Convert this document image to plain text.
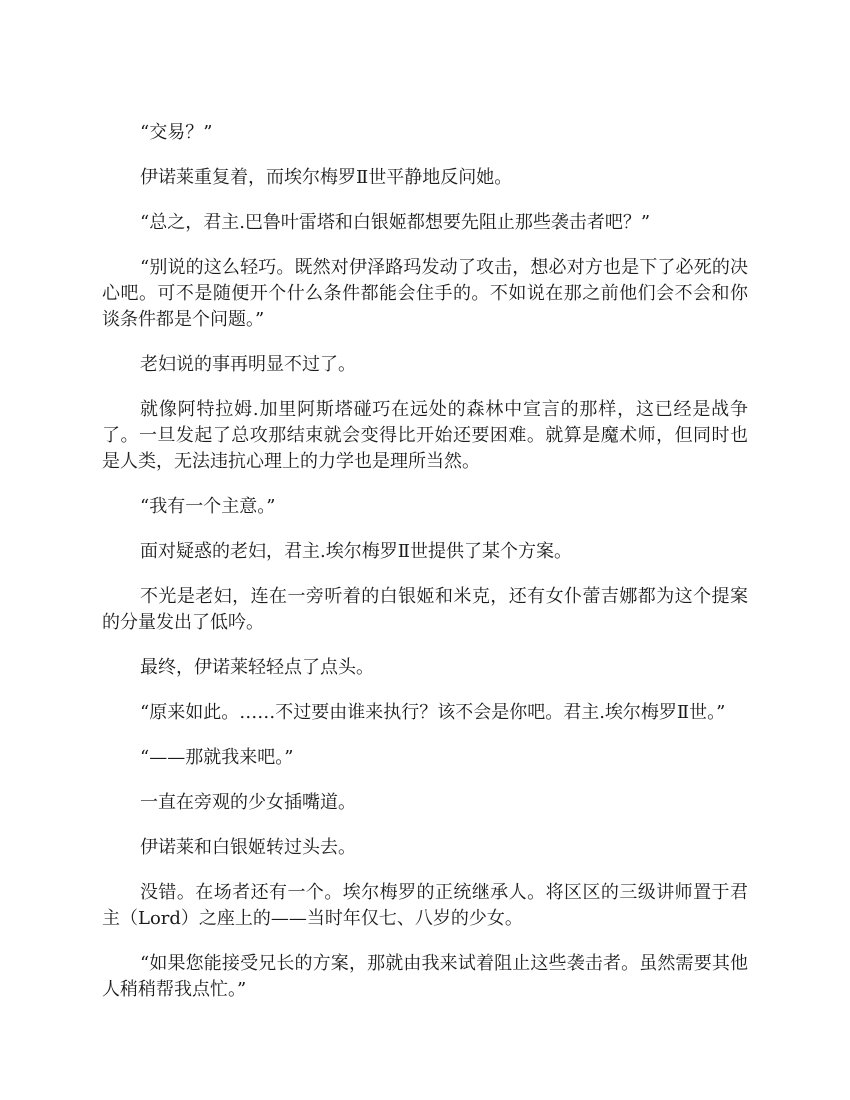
“交易？”

伊诺莱重复着，而埃尔梅罗Ⅱ世平静地反问她。

“总之，君主.巴鲁叶雷塔和白银姬都想要先阻止那些袭击者吧？”

“别说的这么轻巧。既然对伊泽路玛发动了攻击，想必对方也是下了必死的决心吧。可不是随便开个什么条件都能会住手的。不如说在那之前他们会不会和你谈条件都是个问题。”

老妇说的事再明显不过了。

就像阿特拉姆.加里阿斯塔碰巧在远处的森林中宣言的那样，这已经是战争了。一旦发起了总攻那结束就会变得比开始还要困难。就算是魔术师，但同时也是人类，无法违抗心理上的力学也是理所当然。

“我有一个主意。”

面对疑惑的老妇，君主.埃尔梅罗Ⅱ世提供了某个方案。

不光是老妇，连在一旁听着的白银姬和米克，还有女仆蕾吉娜都为这个提案的分量发出了低吟。

最终，伊诺莱轻轻点了点头。

“原来如此。……不过要由谁来执行？该不会是你吧。君主.埃尔梅罗Ⅱ世。”

“——那就我来吧。”

一直在旁观的少女插嘴道。

伊诺莱和白银姬转过头去。

没错。在场者还有一个。埃尔梅罗的正统继承人。将区区的三级讲师置于君主（Lord）之座上的——当时年仅七、八岁的少女。

“如果您能接受兄长的方案，那就由我来试着阻止这些袭击者。虽然需要其他人稍稍帮我点忙。”
